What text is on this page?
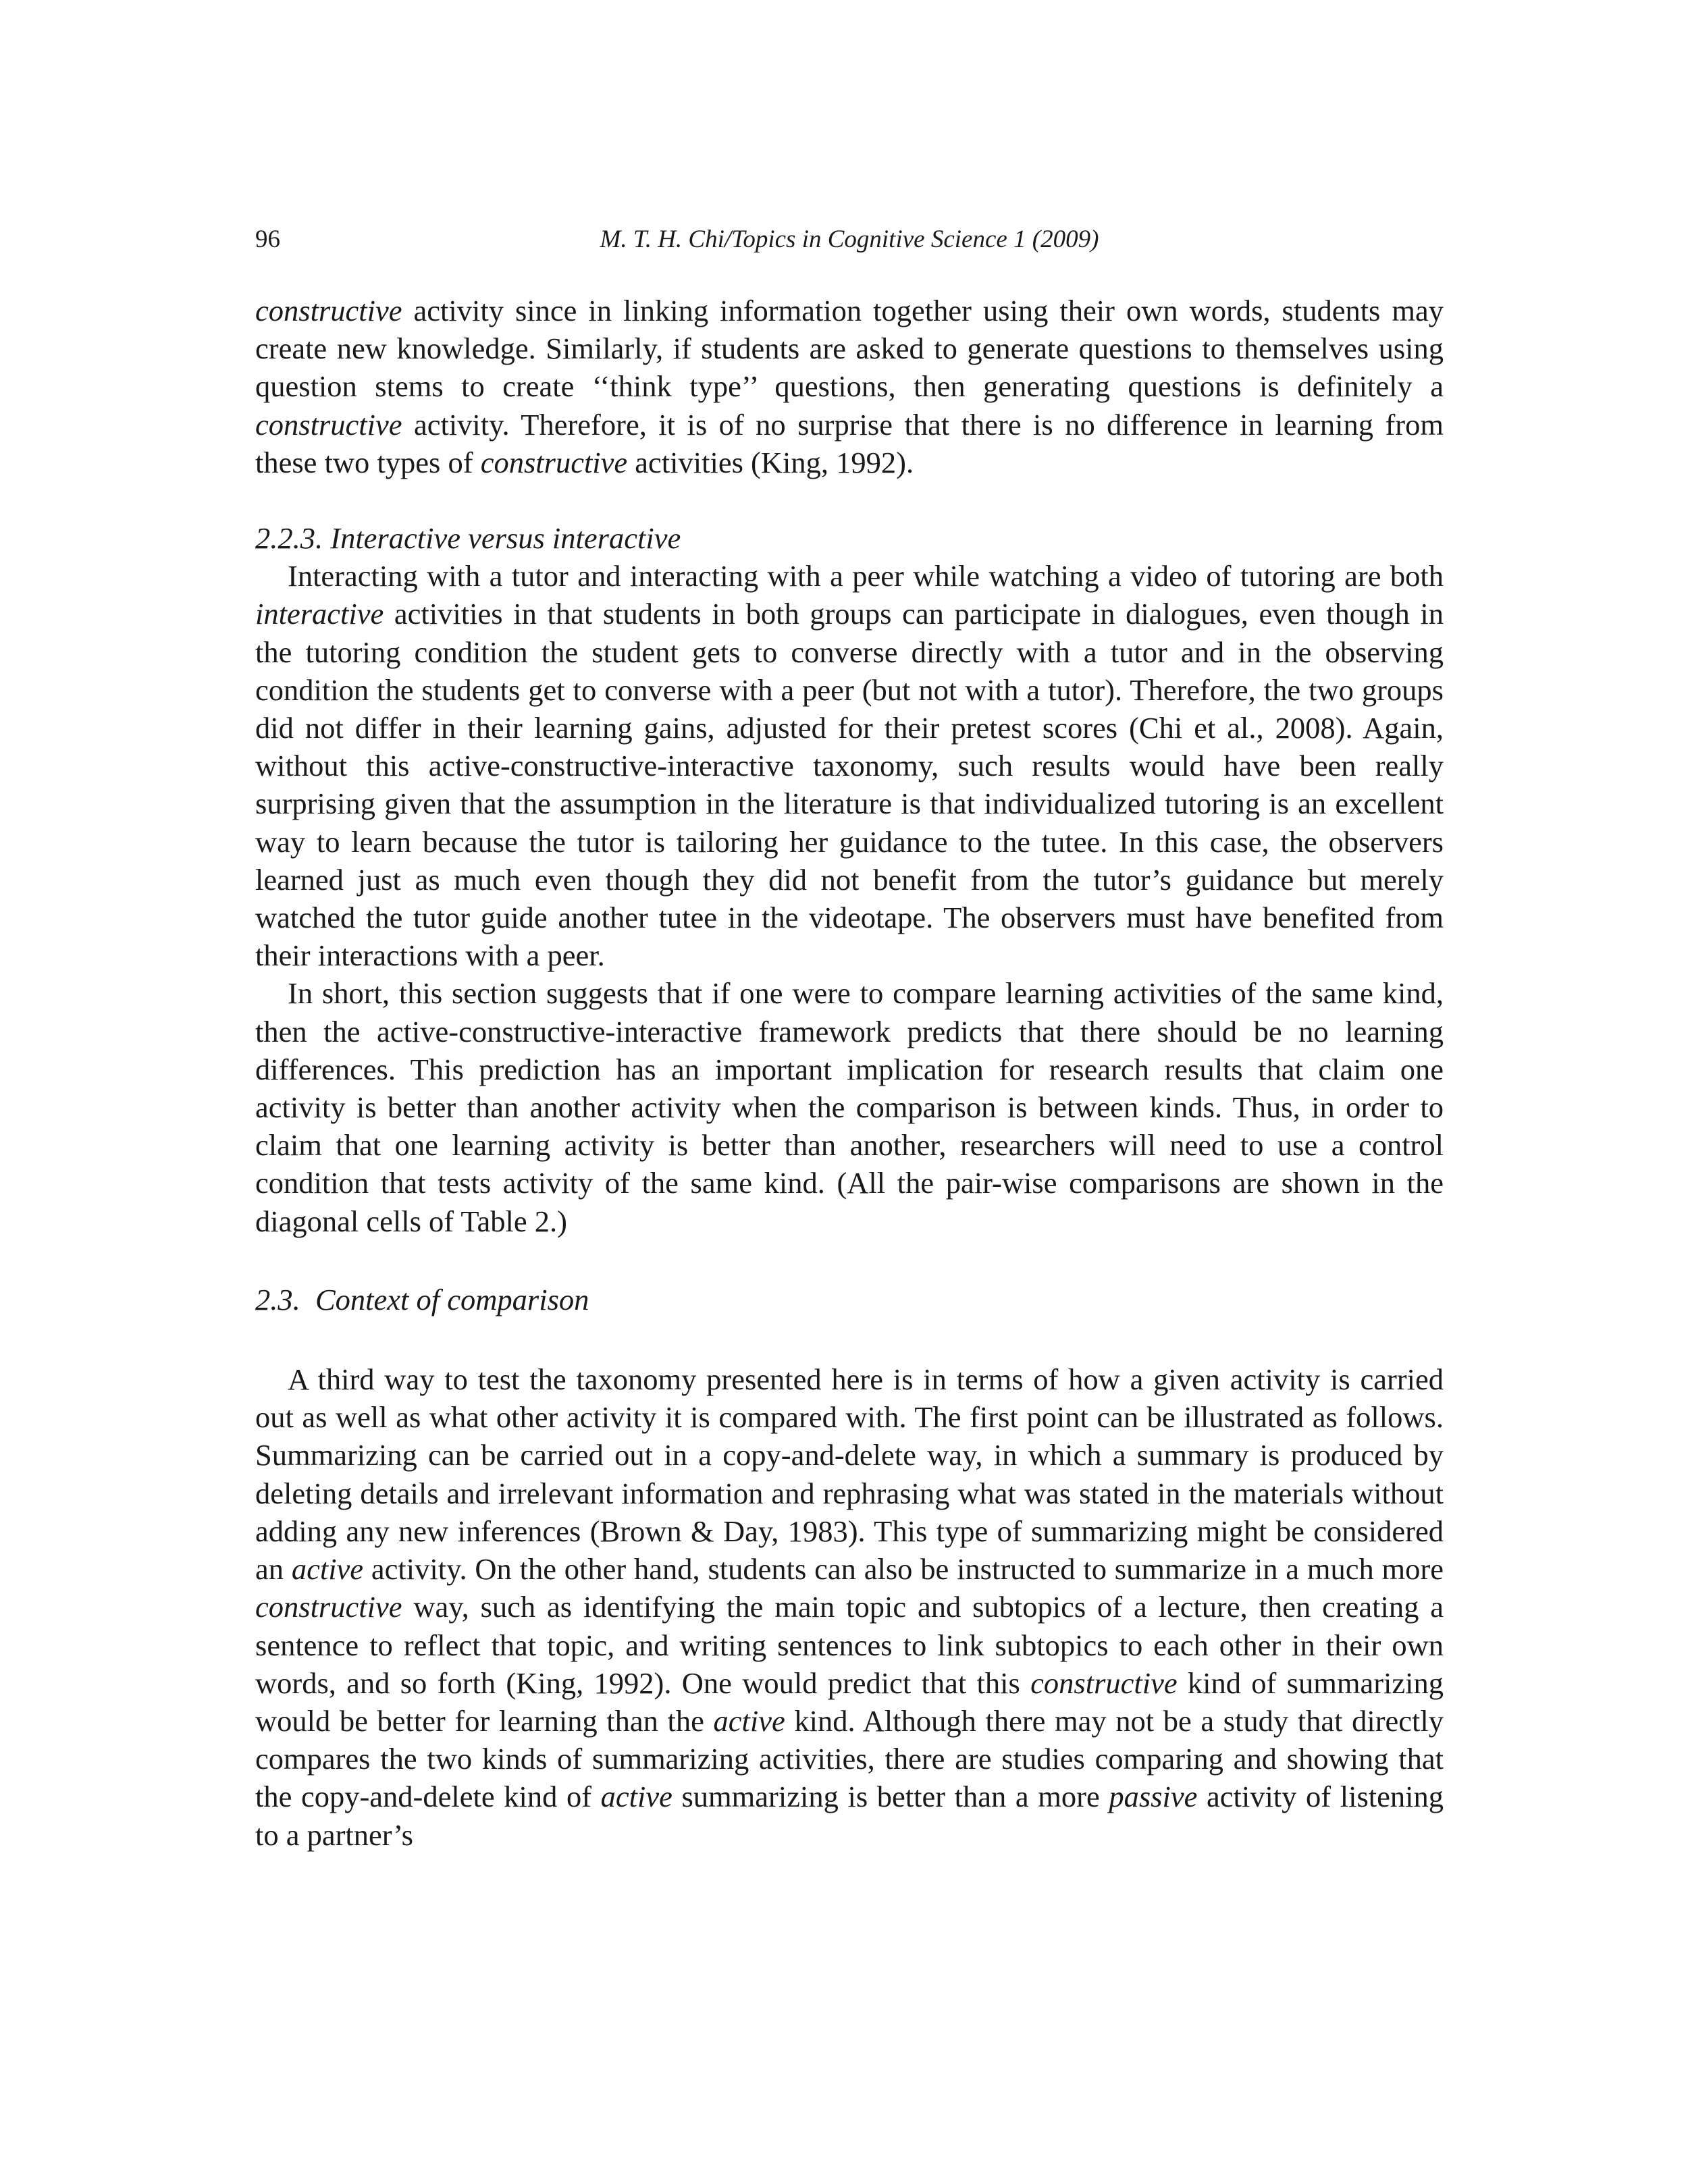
96	M. T. H. Chi/Topics in Cognitive Science 1 (2009)

constructive activity since in linking information together using their own words, students may create new knowledge. Similarly, if students are asked to generate questions to themselves using question stems to create ‘‘think type’’ questions, then generating questions is definitely a constructive activity. Therefore, it is of no surprise that there is no difference in learning from these two types of constructive activities (King, 1992).

2.2.3. Interactive versus interactive

Interacting with a tutor and interacting with a peer while watching a video of tutoring are both interactive activities in that students in both groups can participate in dialogues, even though in the tutoring condition the student gets to converse directly with a tutor and in the observing condition the students get to converse with a peer (but not with a tutor). Therefore, the two groups did not differ in their learning gains, adjusted for their pretest scores (Chi et al., 2008). Again, without this active-constructive-interactive taxonomy, such results would have been really surprising given that the assumption in the literature is that individualized tutoring is an excellent way to learn because the tutor is tailoring her guidance to the tutee. In this case, the observers learned just as much even though they did not benefit from the tutor’s guidance but merely watched the tutor guide another tutee in the videotape. The observers must have benefited from their interactions with a peer.

In short, this section suggests that if one were to compare learning activities of the same kind, then the active-constructive-interactive framework predicts that there should be no learning differences. This prediction has an important implication for research results that claim one activity is better than another activity when the comparison is between kinds. Thus, in order to claim that one learning activity is better than another, researchers will need to use a control condition that tests activity of the same kind. (All the pair-wise comparisons are shown in the diagonal cells of Table 2.)

2.3. Context of comparison

A third way to test the taxonomy presented here is in terms of how a given activity is carried out as well as what other activity it is compared with. The first point can be illustrated as follows. Summarizing can be carried out in a copy-and-delete way, in which a summary is produced by deleting details and irrelevant information and rephrasing what was stated in the materials without adding any new inferences (Brown & Day, 1983). This type of summarizing might be considered an active activity. On the other hand, students can also be instructed to summarize in a much more constructive way, such as identifying the main topic and subtopics of a lecture, then creating a sentence to reflect that topic, and writing sentences to link subtopics to each other in their own words, and so forth (King, 1992). One would predict that this constructive kind of summarizing would be better for learning than the active kind. Although there may not be a study that directly compares the two kinds of summarizing activities, there are studies comparing and showing that the copy-and-delete kind of active summarizing is better than a more passive activity of listening to a partner’s
